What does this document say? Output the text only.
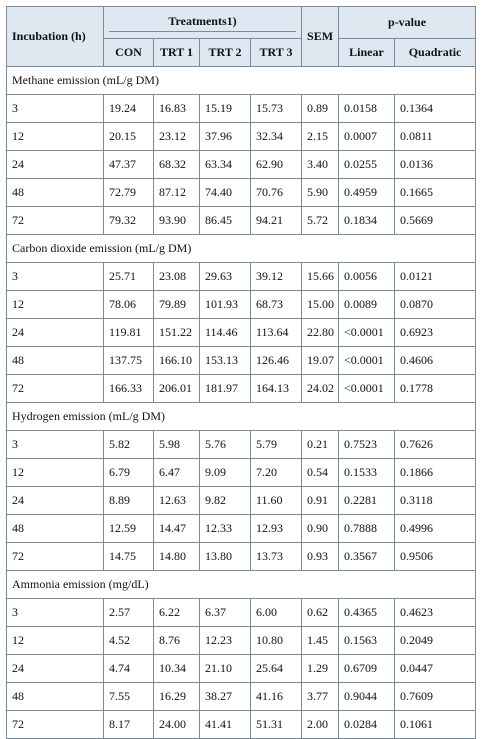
Incubation (h)	Treatments1)				SEM	p-value	
	CON	TRT 1	TRT 2	TRT 3		Linear	Quadratic
Methane emission (mL/g DM)							
3	19.24	16.83	15.19	15.73	0.89	0.0158	0.1364
12	20.15	23.12	37.96	32.34	2.15	0.0007	0.0811
24	47.37	68.32	63.34	62.90	3.40	0.0255	0.0136
48	72.79	87.12	74.40	70.76	5.90	0.4959	0.1665
72	79.32	93.90	86.45	94.21	5.72	0.1834	0.5669
Carbon dioxide emission (mL/g DM)							
3	25.71	23.08	29.63	39.12	15.66	0.0056	0.0121
12	78.06	79.89	101.93	68.73	15.00	0.0089	0.0870
24	119.81	151.22	114.46	113.64	22.80	<0.0001	0.6923
48	137.75	166.10	153.13	126.46	19.07	<0.0001	0.4606
72	166.33	206.01	181.97	164.13	24.02	<0.0001	0.1778
Hydrogen emission (mL/g DM)							
3	5.82	5.98	5.76	5.79	0.21	0.7523	0.7626
12	6.79	6.47	9.09	7.20	0.54	0.1533	0.1866
24	8.89	12.63	9.82	11.60	0.91	0.2281	0.3118
48	12.59	14.47	12.33	12.93	0.90	0.7888	0.4996
72	14.75	14.80	13.80	13.73	0.93	0.3567	0.9506
Ammonia emission (mg/dL)							
3	2.57	6.22	6.37	6.00	0.62	0.4365	0.4623
12	4.52	8.76	12.23	10.80	1.45	0.1563	0.2049
24	4.74	10.34	21.10	25.64	1.29	0.6709	0.0447
48	7.55	16.29	38.27	41.16	3.77	0.9044	0.7609
72	8.17	24.00	41.41	51.31	2.00	0.0284	0.1061
